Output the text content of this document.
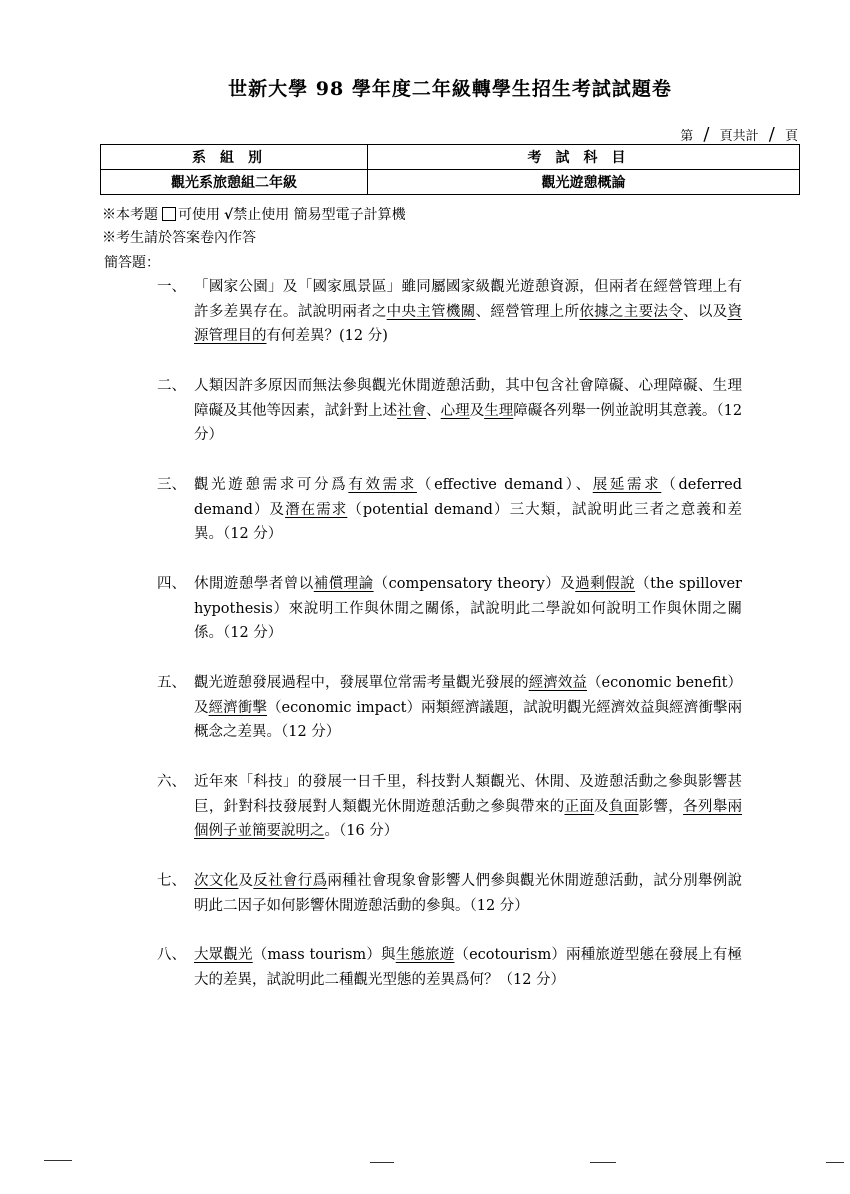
世新大學 98 學年度二年級轉學生招生考試試題卷
第 / 頁共計 / 頁
系組別	考試科目
觀光系旅憩組二年級	觀光遊憩概論
※本考題 可使用 √禁止使用 簡易型電子計算機
※考生請於答案卷內作答
簡答題：
一、 「國家公園」及「國家風景區」雖同屬國家級觀光遊憩資源，但兩者在經營管理上有許多差異存在。試說明兩者之中央主管機關、經營管理上所依據之主要法令、以及資源管理目的有何差異？(12 分)
二、 人類因許多原因而無法參與觀光休閒遊憩活動，其中包含社會障礙、心理障礙、生理障礙及其他等因素，試針對上述社會、心理及生理障礙各列舉一例並說明其意義。（12 分）
三、 觀光遊憩需求可分爲有效需求（effective demand）、展延需求（deferred demand）及潛在需求（potential demand）三大類，試說明此三者之意義和差異。（12 分）
四、 休閒遊憩學者曾以補償理論（compensatory theory）及過剩假說（the spillover hypothesis）來說明工作與休閒之關係，試說明此二學說如何說明工作與休閒之關係。（12 分）
五、 觀光遊憩發展過程中，發展單位常需考量觀光發展的經濟效益（economic benefit）及經濟衝擊（economic impact）兩類經濟議題，試說明觀光經濟效益與經濟衝擊兩概念之差異。（12 分）
六、 近年來「科技」的發展一日千里，科技對人類觀光、休閒、及遊憩活動之參與影響甚巨，針對科技發展對人類觀光休閒遊憩活動之參與帶來的正面及負面影響，各列舉兩個例子並簡要說明之。（16 分）
七、 次文化及反社會行爲兩種社會現象會影響人們參與觀光休閒遊憩活動，試分別舉例說明此二因子如何影響休閒遊憩活動的參與。（12 分）
八、 大眾觀光（mass tourism）與生態旅遊（ecotourism）兩種旅遊型態在發展上有極大的差異，試說明此二種觀光型態的差異爲何？（12 分）
